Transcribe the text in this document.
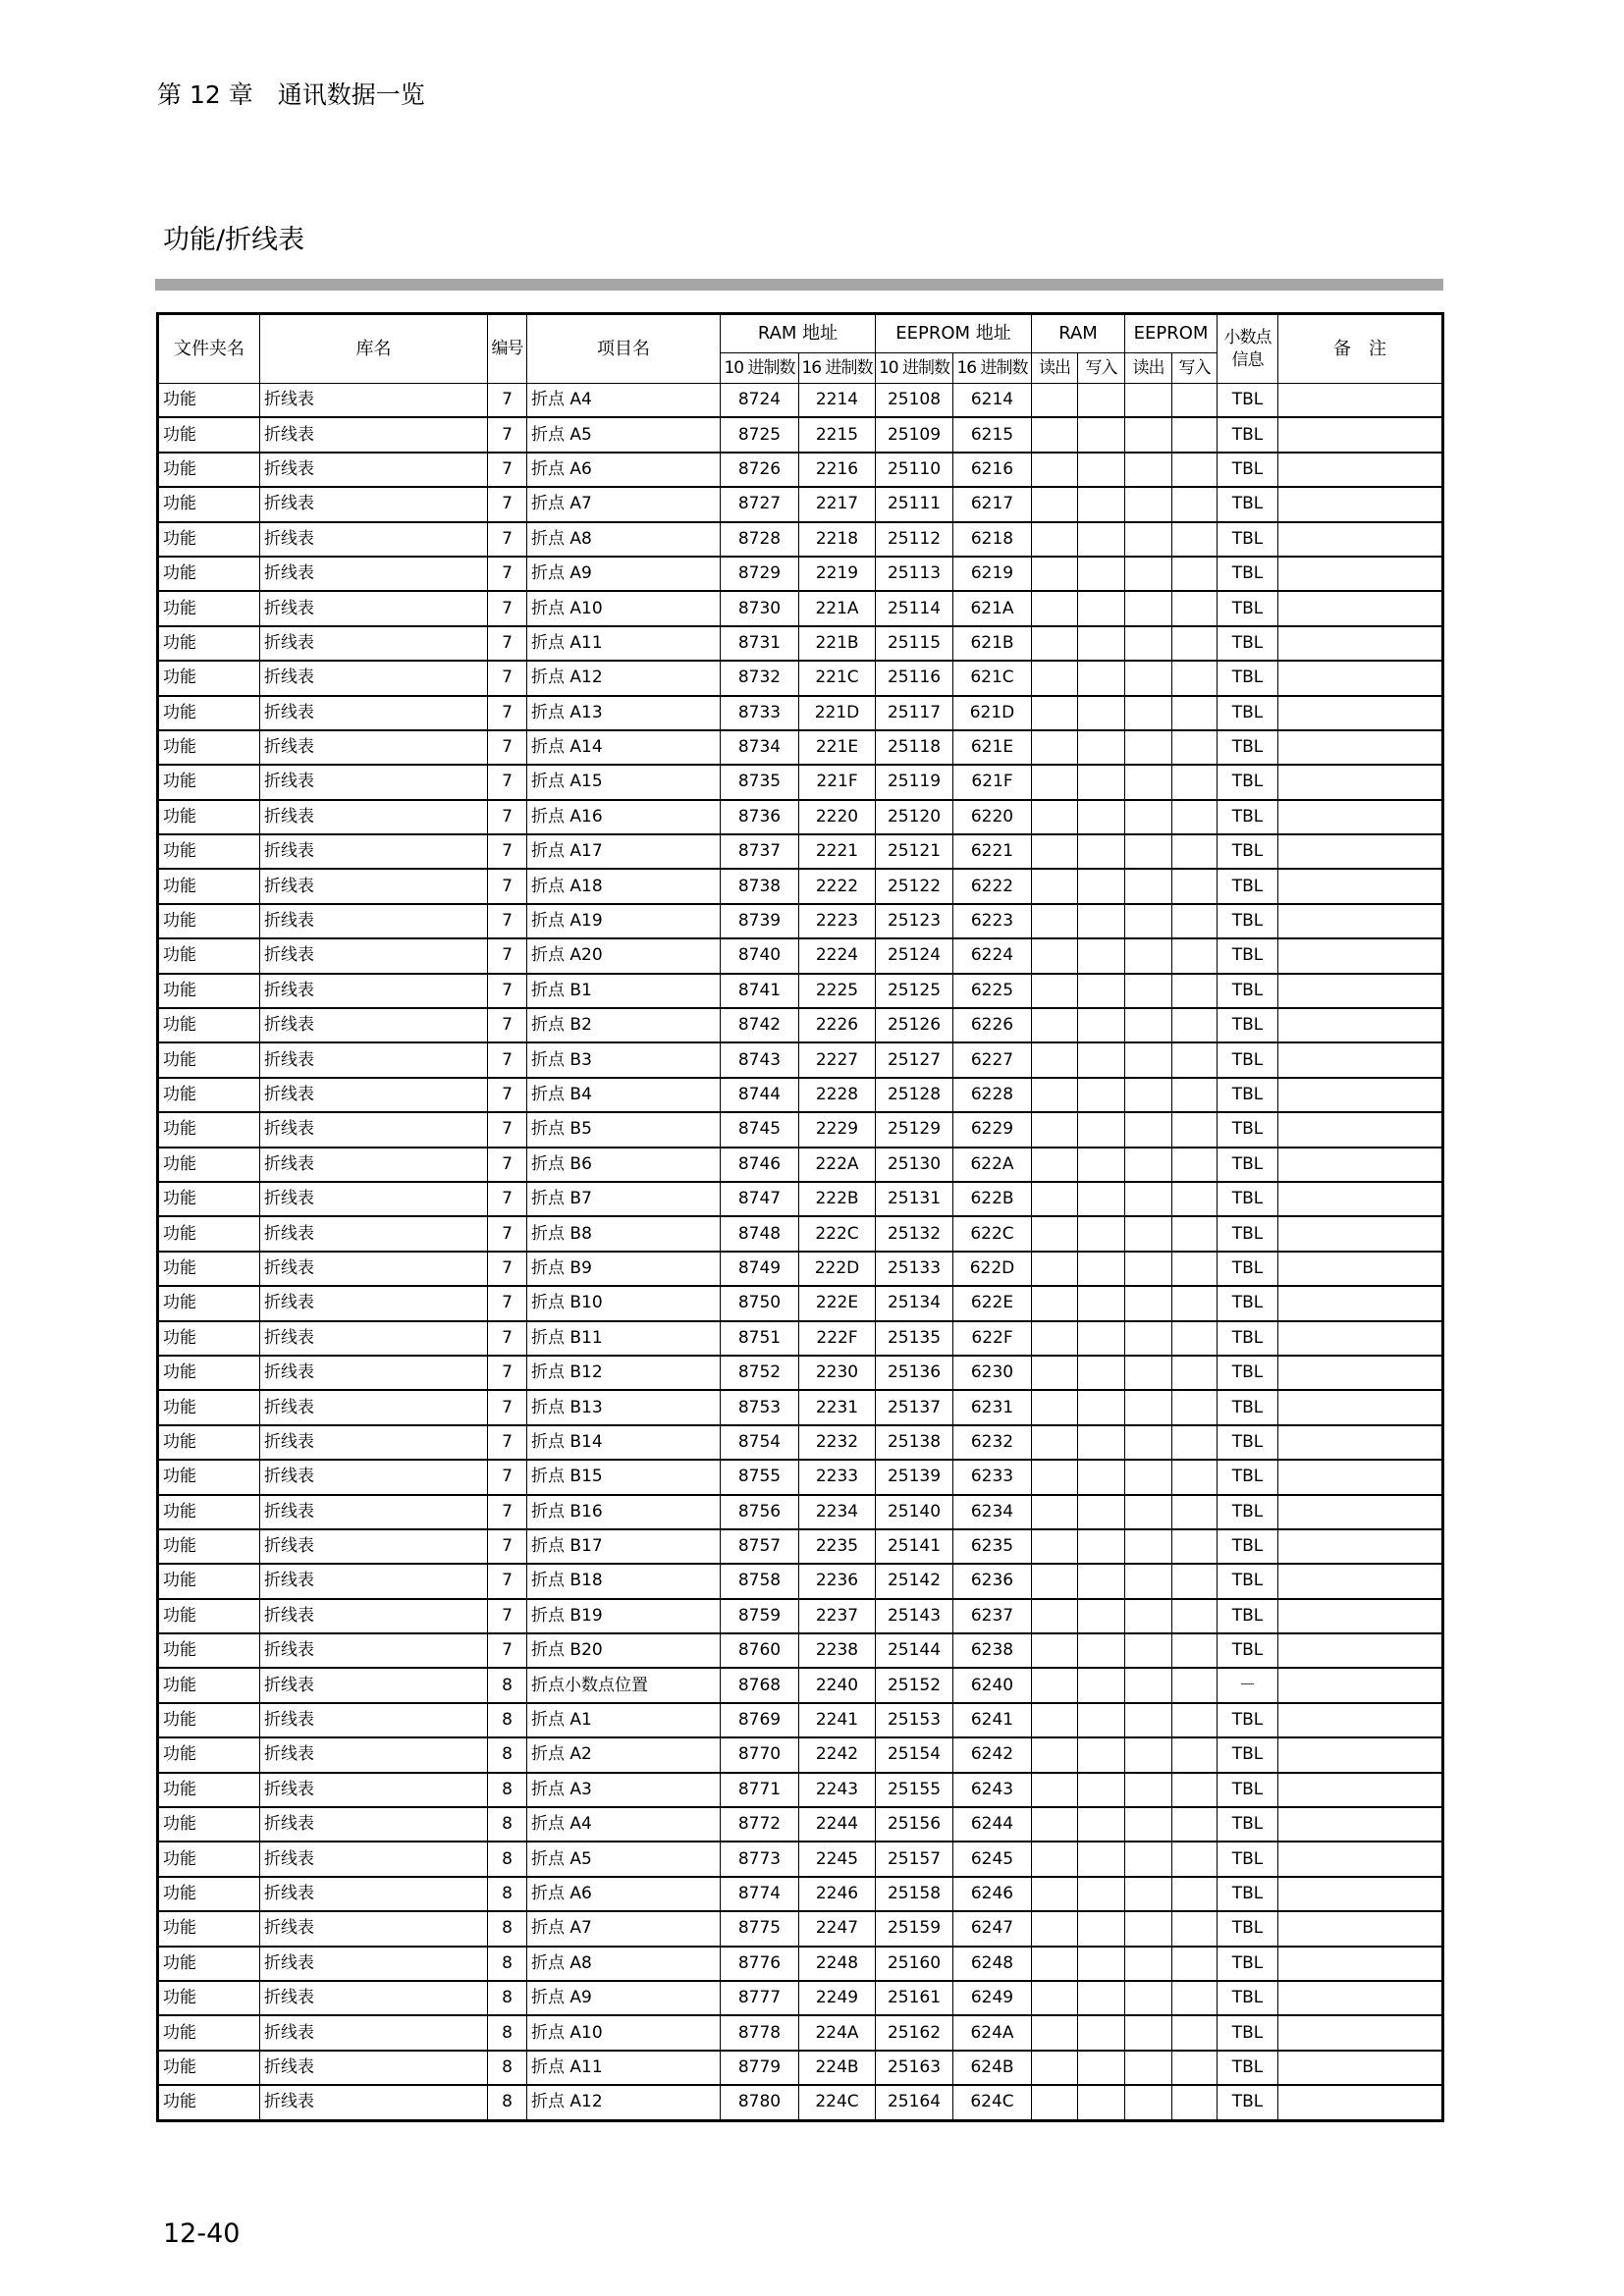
第 12 章　通讯数据一览
功能/折线表
文件夹名	库名	编号	项目名	RAM 地址		EEPROM 地址		RAM		EEPROM		小数点信息	备　注
				10 进制数	16 进制数	10 进制数	16 进制数	读出	写入	读出	写入		
功能	折线表	7	折点 A4	8724	2214	25108	6214					TBL	
功能	折线表	7	折点 A5	8725	2215	25109	6215					TBL	
功能	折线表	7	折点 A6	8726	2216	25110	6216					TBL	
功能	折线表	7	折点 A7	8727	2217	25111	6217					TBL	
功能	折线表	7	折点 A8	8728	2218	25112	6218					TBL	
功能	折线表	7	折点 A9	8729	2219	25113	6219					TBL	
功能	折线表	7	折点 A10	8730	221A	25114	621A					TBL	
功能	折线表	7	折点 A11	8731	221B	25115	621B					TBL	
功能	折线表	7	折点 A12	8732	221C	25116	621C					TBL	
功能	折线表	7	折点 A13	8733	221D	25117	621D					TBL	
功能	折线表	7	折点 A14	8734	221E	25118	621E					TBL	
功能	折线表	7	折点 A15	8735	221F	25119	621F					TBL	
功能	折线表	7	折点 A16	8736	2220	25120	6220					TBL	
功能	折线表	7	折点 A17	8737	2221	25121	6221					TBL	
功能	折线表	7	折点 A18	8738	2222	25122	6222					TBL	
功能	折线表	7	折点 A19	8739	2223	25123	6223					TBL	
功能	折线表	7	折点 A20	8740	2224	25124	6224					TBL	
功能	折线表	7	折点 B1	8741	2225	25125	6225					TBL	
功能	折线表	7	折点 B2	8742	2226	25126	6226					TBL	
功能	折线表	7	折点 B3	8743	2227	25127	6227					TBL	
功能	折线表	7	折点 B4	8744	2228	25128	6228					TBL	
功能	折线表	7	折点 B5	8745	2229	25129	6229					TBL	
功能	折线表	7	折点 B6	8746	222A	25130	622A					TBL	
功能	折线表	7	折点 B7	8747	222B	25131	622B					TBL	
功能	折线表	7	折点 B8	8748	222C	25132	622C					TBL	
功能	折线表	7	折点 B9	8749	222D	25133	622D					TBL	
功能	折线表	7	折点 B10	8750	222E	25134	622E					TBL	
功能	折线表	7	折点 B11	8751	222F	25135	622F					TBL	
功能	折线表	7	折点 B12	8752	2230	25136	6230					TBL	
功能	折线表	7	折点 B13	8753	2231	25137	6231					TBL	
功能	折线表	7	折点 B14	8754	2232	25138	6232					TBL	
功能	折线表	7	折点 B15	8755	2233	25139	6233					TBL	
功能	折线表	7	折点 B16	8756	2234	25140	6234					TBL	
功能	折线表	7	折点 B17	8757	2235	25141	6235					TBL	
功能	折线表	7	折点 B18	8758	2236	25142	6236					TBL	
功能	折线表	7	折点 B19	8759	2237	25143	6237					TBL	
功能	折线表	7	折点 B20	8760	2238	25144	6238					TBL	
功能	折线表	8	折点小数点位置	8768	2240	25152	6240					－	
功能	折线表	8	折点 A1	8769	2241	25153	6241					TBL	
功能	折线表	8	折点 A2	8770	2242	25154	6242					TBL	
功能	折线表	8	折点 A3	8771	2243	25155	6243					TBL	
功能	折线表	8	折点 A4	8772	2244	25156	6244					TBL	
功能	折线表	8	折点 A5	8773	2245	25157	6245					TBL	
功能	折线表	8	折点 A6	8774	2246	25158	6246					TBL	
功能	折线表	8	折点 A7	8775	2247	25159	6247					TBL	
功能	折线表	8	折点 A8	8776	2248	25160	6248					TBL	
功能	折线表	8	折点 A9	8777	2249	25161	6249					TBL	
功能	折线表	8	折点 A10	8778	224A	25162	624A					TBL	
功能	折线表	8	折点 A11	8779	224B	25163	624B					TBL	
功能	折线表	8	折点 A12	8780	224C	25164	624C					TBL	
12-40
